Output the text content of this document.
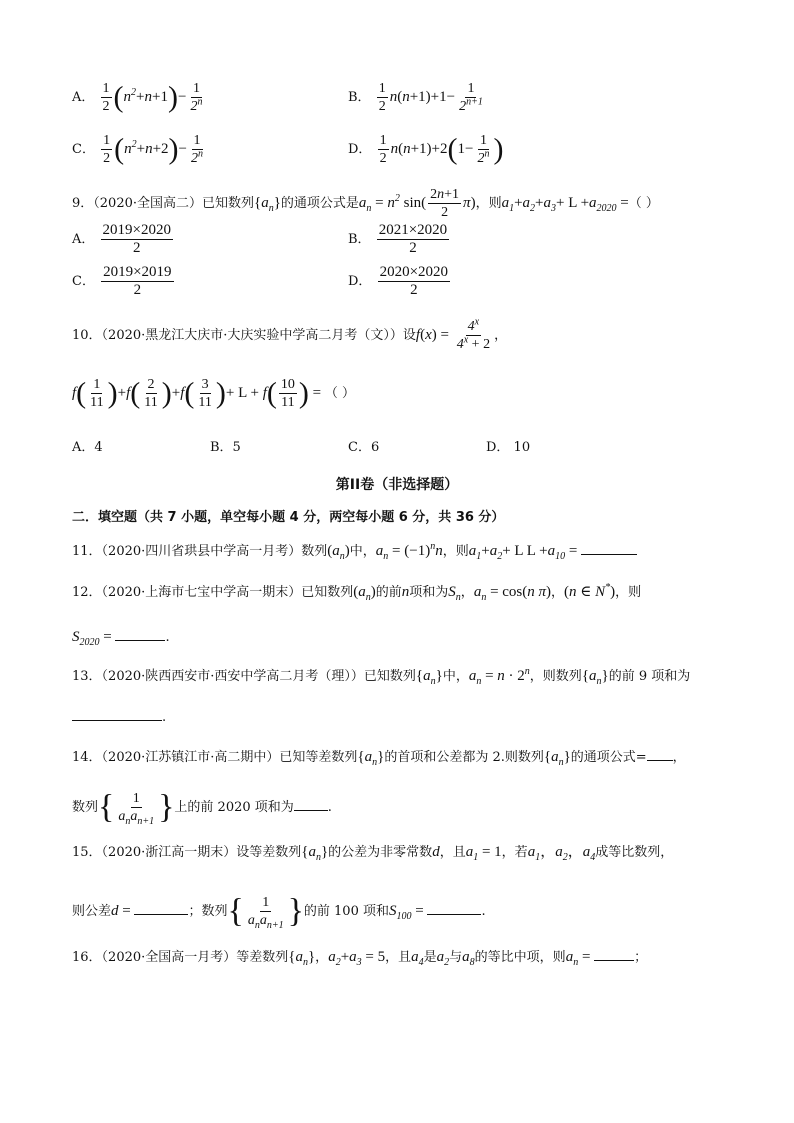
A． $\frac{1}{2} (n^2+n+1)- \frac{1}{2^n}$	B． $\frac{1}{2} n(n+1)+1- \frac{1}{2^{n+1}}$
C． $\frac{1}{2} (n^2+n+2)- \frac{1}{2^n}$	D． $\frac{1}{2} n(n+1)+2(1- \frac{1}{2^n}$ )
9．（2020·全国高二）已知数列$\{a_n\}$的通项公式是$a_n = n^2$ $\sin( \frac{2n+1}{2} \pi)$，则$a_1+a_2+a_3+ L +a_{2020}$ =（ ）
A． $\frac{2019\times 2020}{2}$	B． $\frac{2021\times 2020}{2}$
C． $\frac{2019\times 2019}{2}$	D． $\frac{2020\times 2020}{2}$
10．（2020·黑龙江大庆市·大庆实验中学高二月考（文））设$f(x) = \frac{4^x}{4^x + 2}$ ，
$f( \frac{1}{11} )+f( \frac{2}{11} )+f( \frac{3}{11}$ )+ $L + f( \frac{10}{11}$ ) = （ ）
A．4	B．5	C．6	D． 10
第II卷（非选择题）
二．填空题（共 7 小题，单空每小题 4 分，两空每小题 6 分，共 36 分）
11．（2020·四川省珙县中学高一月考）数列$(a_n)$中，$a_n = (-1)^nn$，则$a_1+a_2+ L$ $L +a_{10}$ =
12．（2020·上海市七宝中学高一期末）已知数列$(a_n)$的前n项和为$S_n$，$a_n = \cos(n$ π)，(n ∈ N*)，则
$S_{2020}$ =	.
13．（2020·陕西西安市·西安中学高二月考（理））已知数列$\{a_n\}$中，$a_n = n \cdot 2^n$，则数列$\{a_n\}$的前 9 项和为
.
14．（2020·江苏镇江市·高二期中）已知等差数列$\{a_n\}$的首项和公差都为 2.则数列$\{a_n\}$的通项公式= ，
数列{ $\frac{1}{a_na_{n+1}}$ }上的前 2020 项和为	.
15．（2020·浙江高一期末）设等差数列$\{a_n\}$的公差为非零常数d，且$a_1 = 1$，若$a_1$，$a_2$，$a_4$成等比数列，
则公差d =	；数列{ $\frac{1}{a_na_{n+1}}$ }的前 100 项和$S_{100}$ =	.
16．（2020·全国高一月考）等差数列$\{a_n\}$，$a_2+a_3 = 5$，且$a_4$是$a_2$与$a_8$的等比中项，则$a_n$ =	；
